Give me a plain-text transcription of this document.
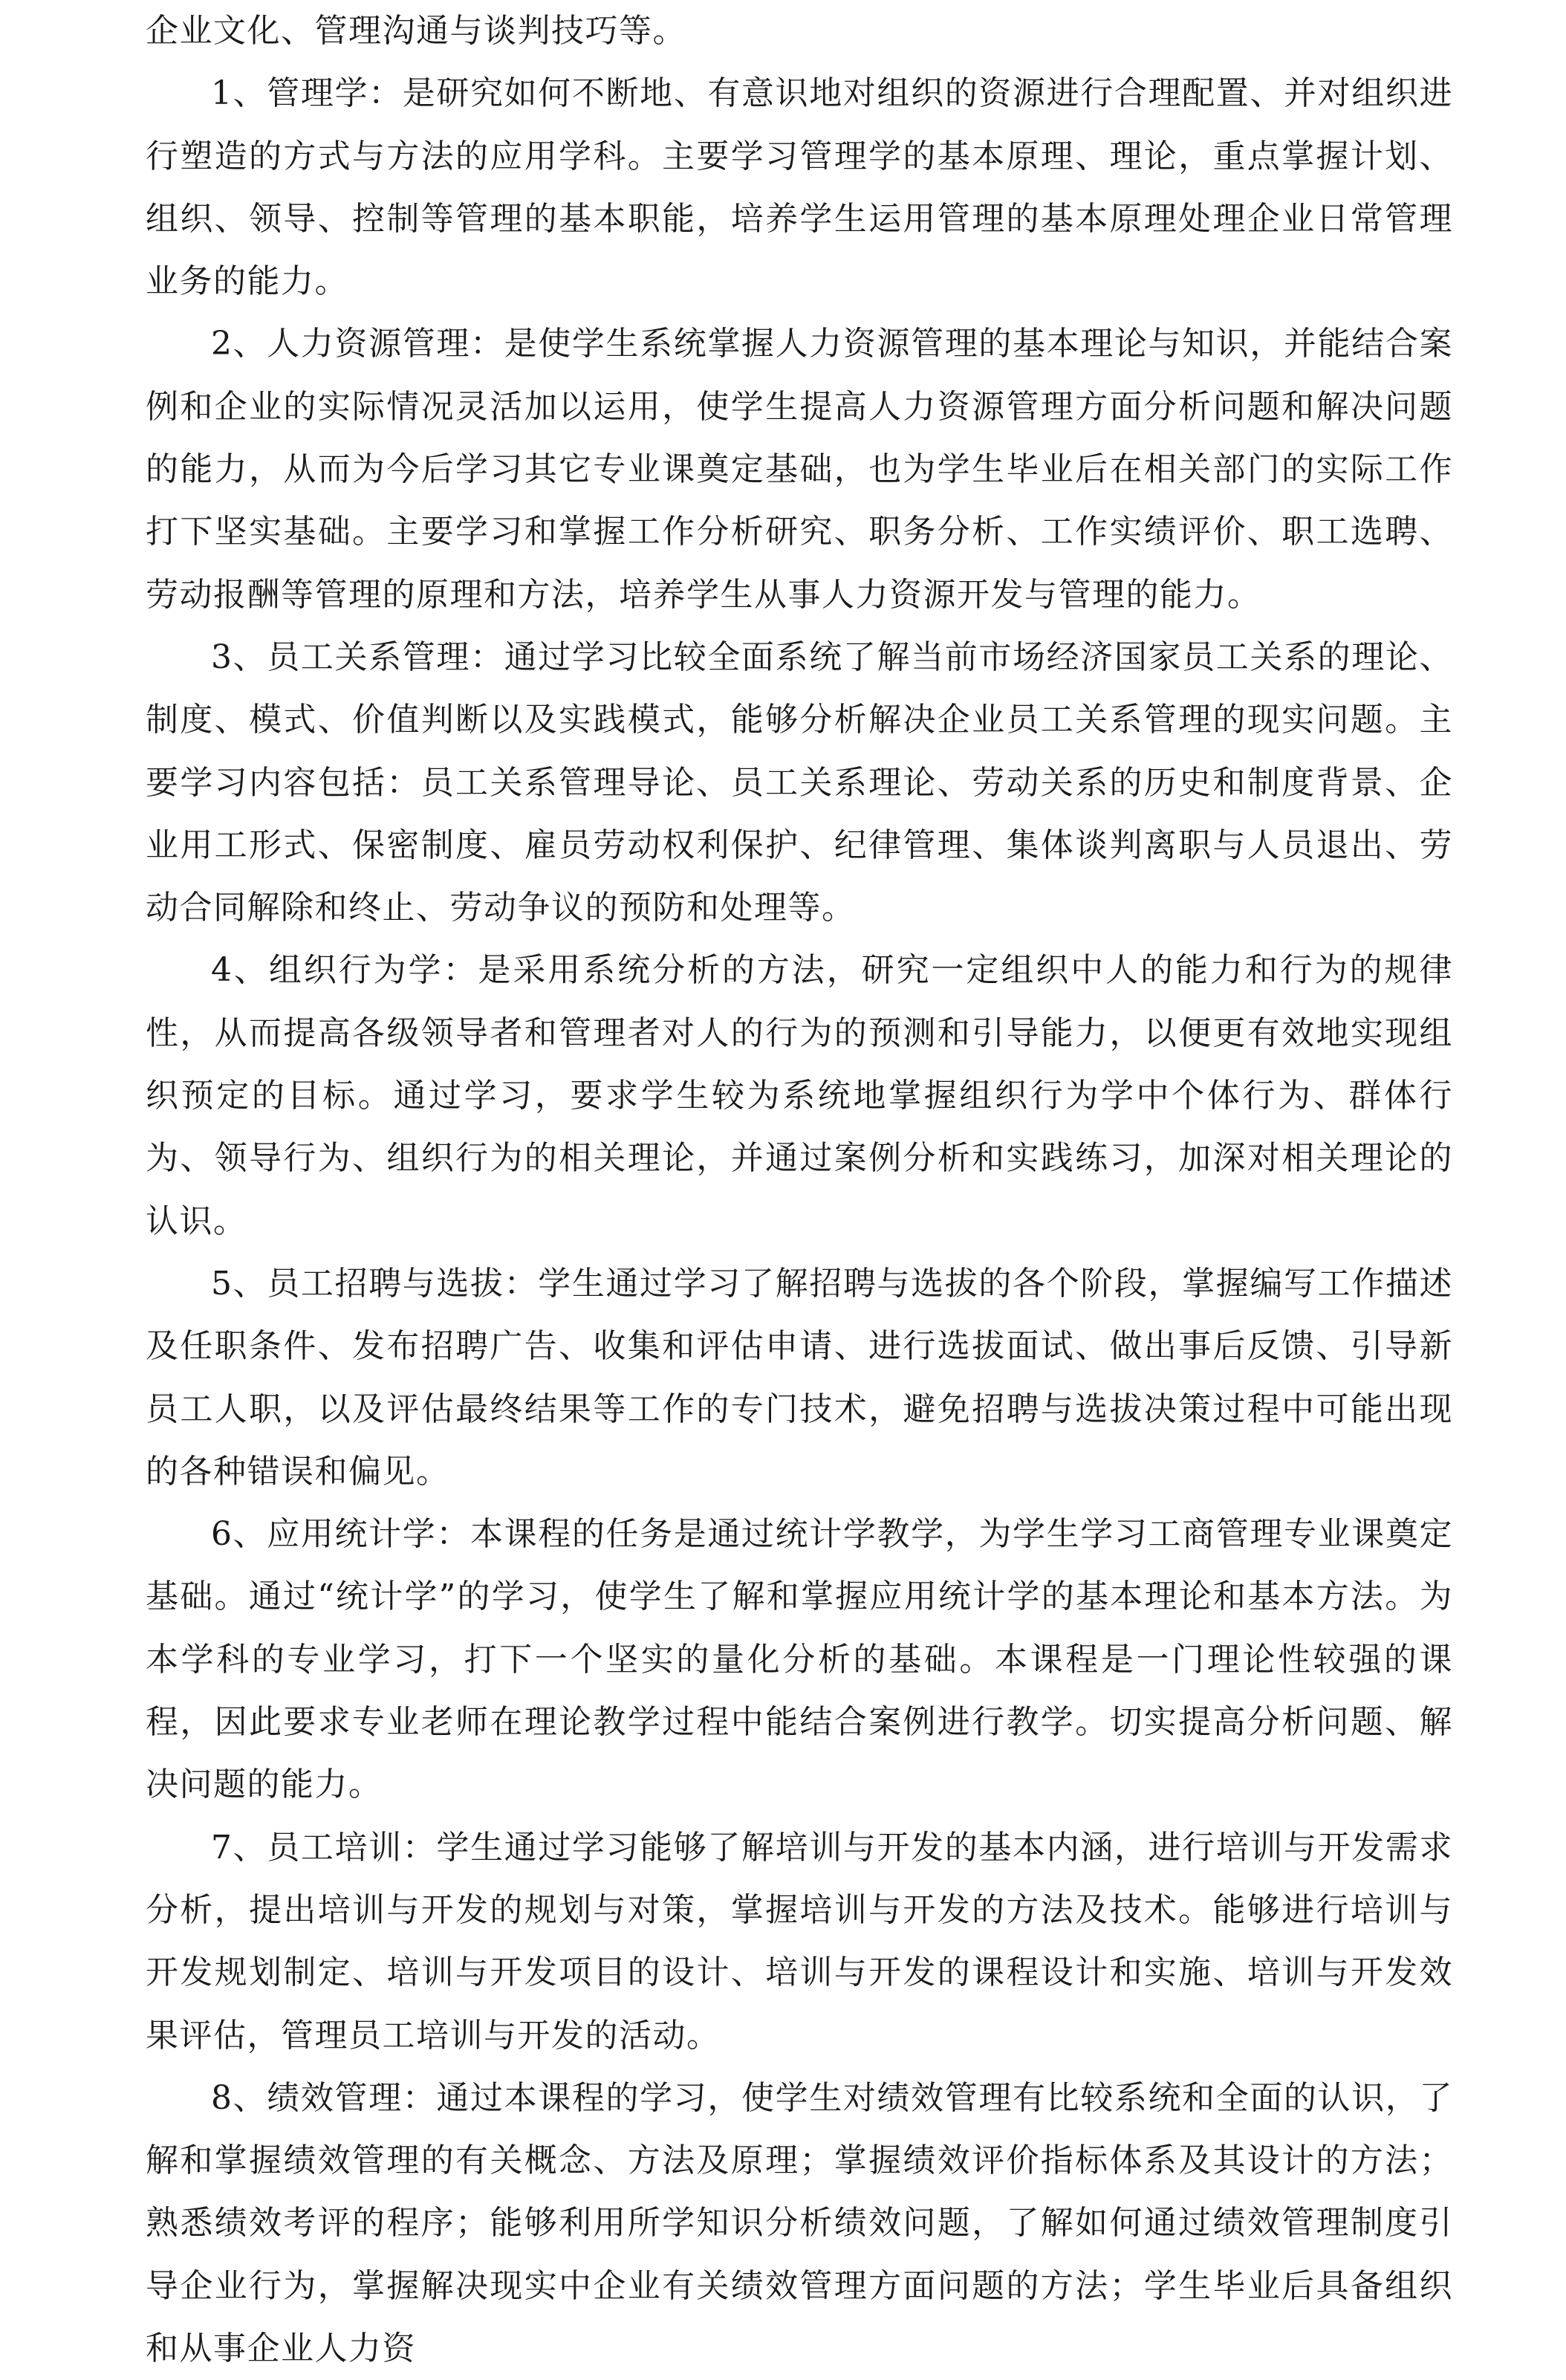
企业文化、管理沟通与谈判技巧等。

1、管理学：是研究如何不断地、有意识地对组织的资源进行合理配置、并对组织进行塑造的方式与方法的应用学科。主要学习管理学的基本原理、理论，重点掌握计划、组织、领导、控制等管理的基本职能，培养学生运用管理的基本原理处理企业日常管理业务的能力。

2、人力资源管理：是使学生系统掌握人力资源管理的基本理论与知识，并能结合案例和企业的实际情况灵活加以运用，使学生提高人力资源管理方面分析问题和解决问题的能力，从而为今后学习其它专业课奠定基础，也为学生毕业后在相关部门的实际工作打下坚实基础。主要学习和掌握工作分析研究、职务分析、工作实绩评价、职工选聘、劳动报酬等管理的原理和方法，培养学生从事人力资源开发与管理的能力。

3、员工关系管理：通过学习比较全面系统了解当前市场经济国家员工关系的理论、制度、模式、价值判断以及实践模式，能够分析解决企业员工关系管理的现实问题。主要学习内容包括：员工关系管理导论、员工关系理论、劳动关系的历史和制度背景、企业用工形式、保密制度、雇员劳动权利保护、纪律管理、集体谈判离职与人员退出、劳动合同解除和终止、劳动争议的预防和处理等。

4、组织行为学：是采用系统分析的方法，研究一定组织中人的能力和行为的规律性，从而提高各级领导者和管理者对人的行为的预测和引导能力，以便更有效地实现组织预定的目标。通过学习，要求学生较为系统地掌握组织行为学中个体行为、群体行为、领导行为、组织行为的相关理论，并通过案例分析和实践练习，加深对相关理论的认识。

5、员工招聘与选拔：学生通过学习了解招聘与选拔的各个阶段，掌握编写工作描述及任职条件、发布招聘广告、收集和评估申请、进行选拔面试、做出事后反馈、引导新员工人职，以及评估最终结果等工作的专门技术，避免招聘与选拔决策过程中可能出现的各种错误和偏见。

6、应用统计学：本课程的任务是通过统计学教学，为学生学习工商管理专业课奠定基础。通过“统计学”的学习，使学生了解和掌握应用统计学的基本理论和基本方法。为本学科的专业学习，打下一个坚实的量化分析的基础。本课程是一门理论性较强的课程，因此要求专业老师在理论教学过程中能结合案例进行教学。切实提高分析问题、解决问题的能力。

7、员工培训：学生通过学习能够了解培训与开发的基本内涵，进行培训与开发需求分析，提出培训与开发的规划与对策，掌握培训与开发的方法及技术。能够进行培训与开发规划制定、培训与开发项目的设计、培训与开发的课程设计和实施、培训与开发效果评估，管理员工培训与开发的活动。

8、绩效管理：通过本课程的学习，使学生对绩效管理有比较系统和全面的认识，了解和掌握绩效管理的有关概念、方法及原理；掌握绩效评价指标体系及其设计的方法；熟悉绩效考评的程序；能够利用所学知识分析绩效问题，了解如何通过绩效管理制度引导企业行为，掌握解决现实中企业有关绩效管理方面问题的方法；学生毕业后具备组织和从事企业人力资
